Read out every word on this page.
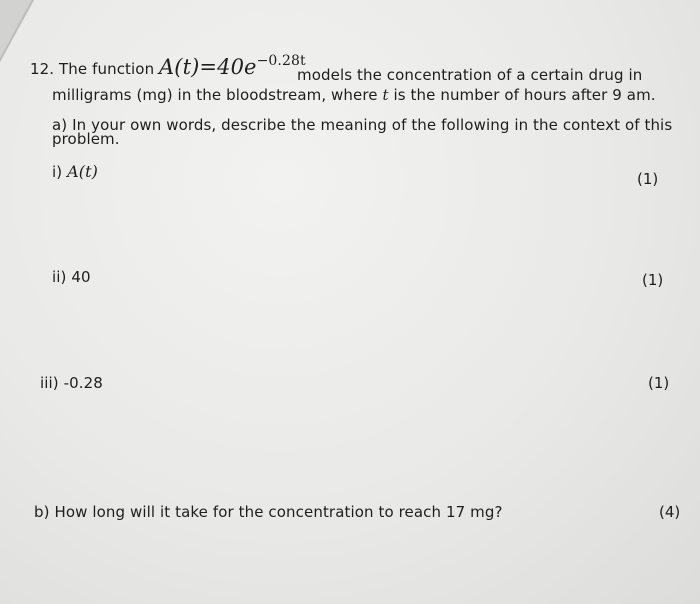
12. The function $A(t)=40e^{-0.28t}$
models the concentration of a certain drug in
milligrams (mg) in the bloodstream, where t is the number of hours after 9 am.
a) In your own words, describe the meaning of the following in the context of this
problem.
i) A(t)	(1)
ii) 40	(1)
iii) -0.28	(1)
b) How long will it take for the concentration to reach 17 mg?	(4)
